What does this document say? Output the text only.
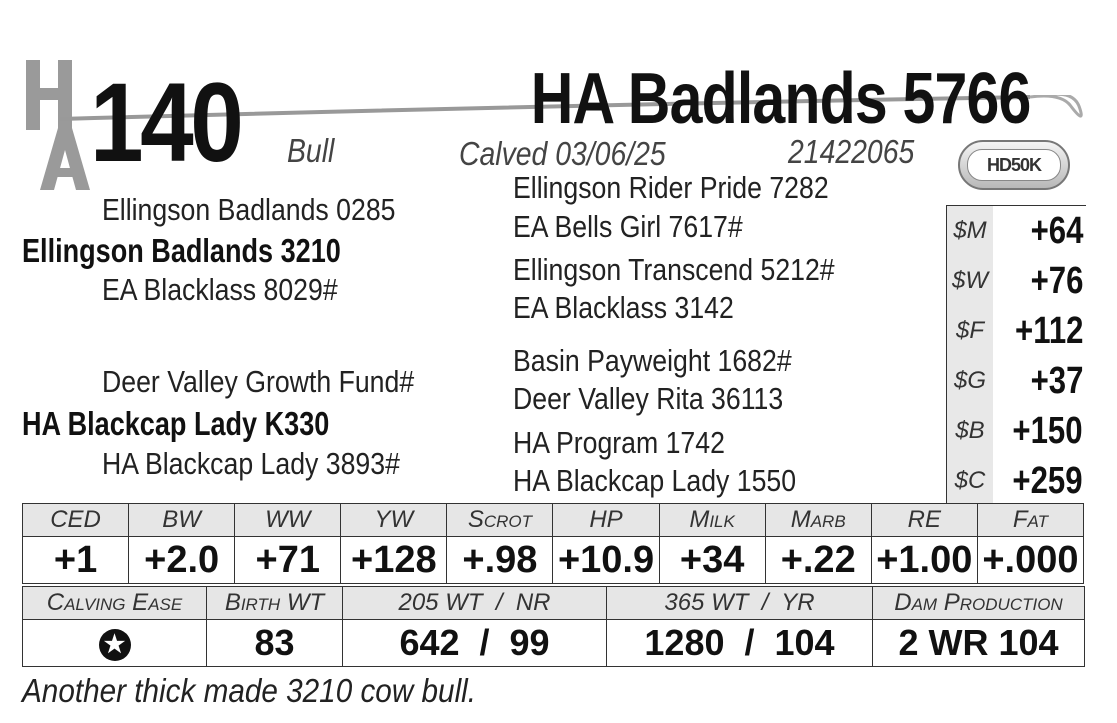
140	HA Badlands 5766
Bull	Calved 03/06/25	21422065	HD50K
Ellingson Badlands 0285
Ellingson Badlands 3210
EA Blacklass 8029#
Deer Valley Growth Fund#
HA Blackcap Lady K330
HA Blackcap Lady 3893#
Ellingson Rider Pride 7282
EA Bells Girl 7617#
Ellingson Transcend 5212#
EA Blacklass 3142
Basin Payweight 1682#
Deer Valley Rita 36113
HA Program 1742
HA Blackcap Lady 1550
$M +64
$W +76
$F +112
$G +37
$B +150
$C +259
CED	BW	WW	YW	Scrot	HP	Milk	Marb	RE	Fat
+1	+2.0	+71	+128	+.98	+10.9	+34	+.22	+1.00	+.000
Calving Ease	Birth WT	205 WT  /  NR	365 WT  /  YR	Dam Production
★	83	642  /  99	1280  /  104	2 WR 104
Another thick made 3210 cow bull.
